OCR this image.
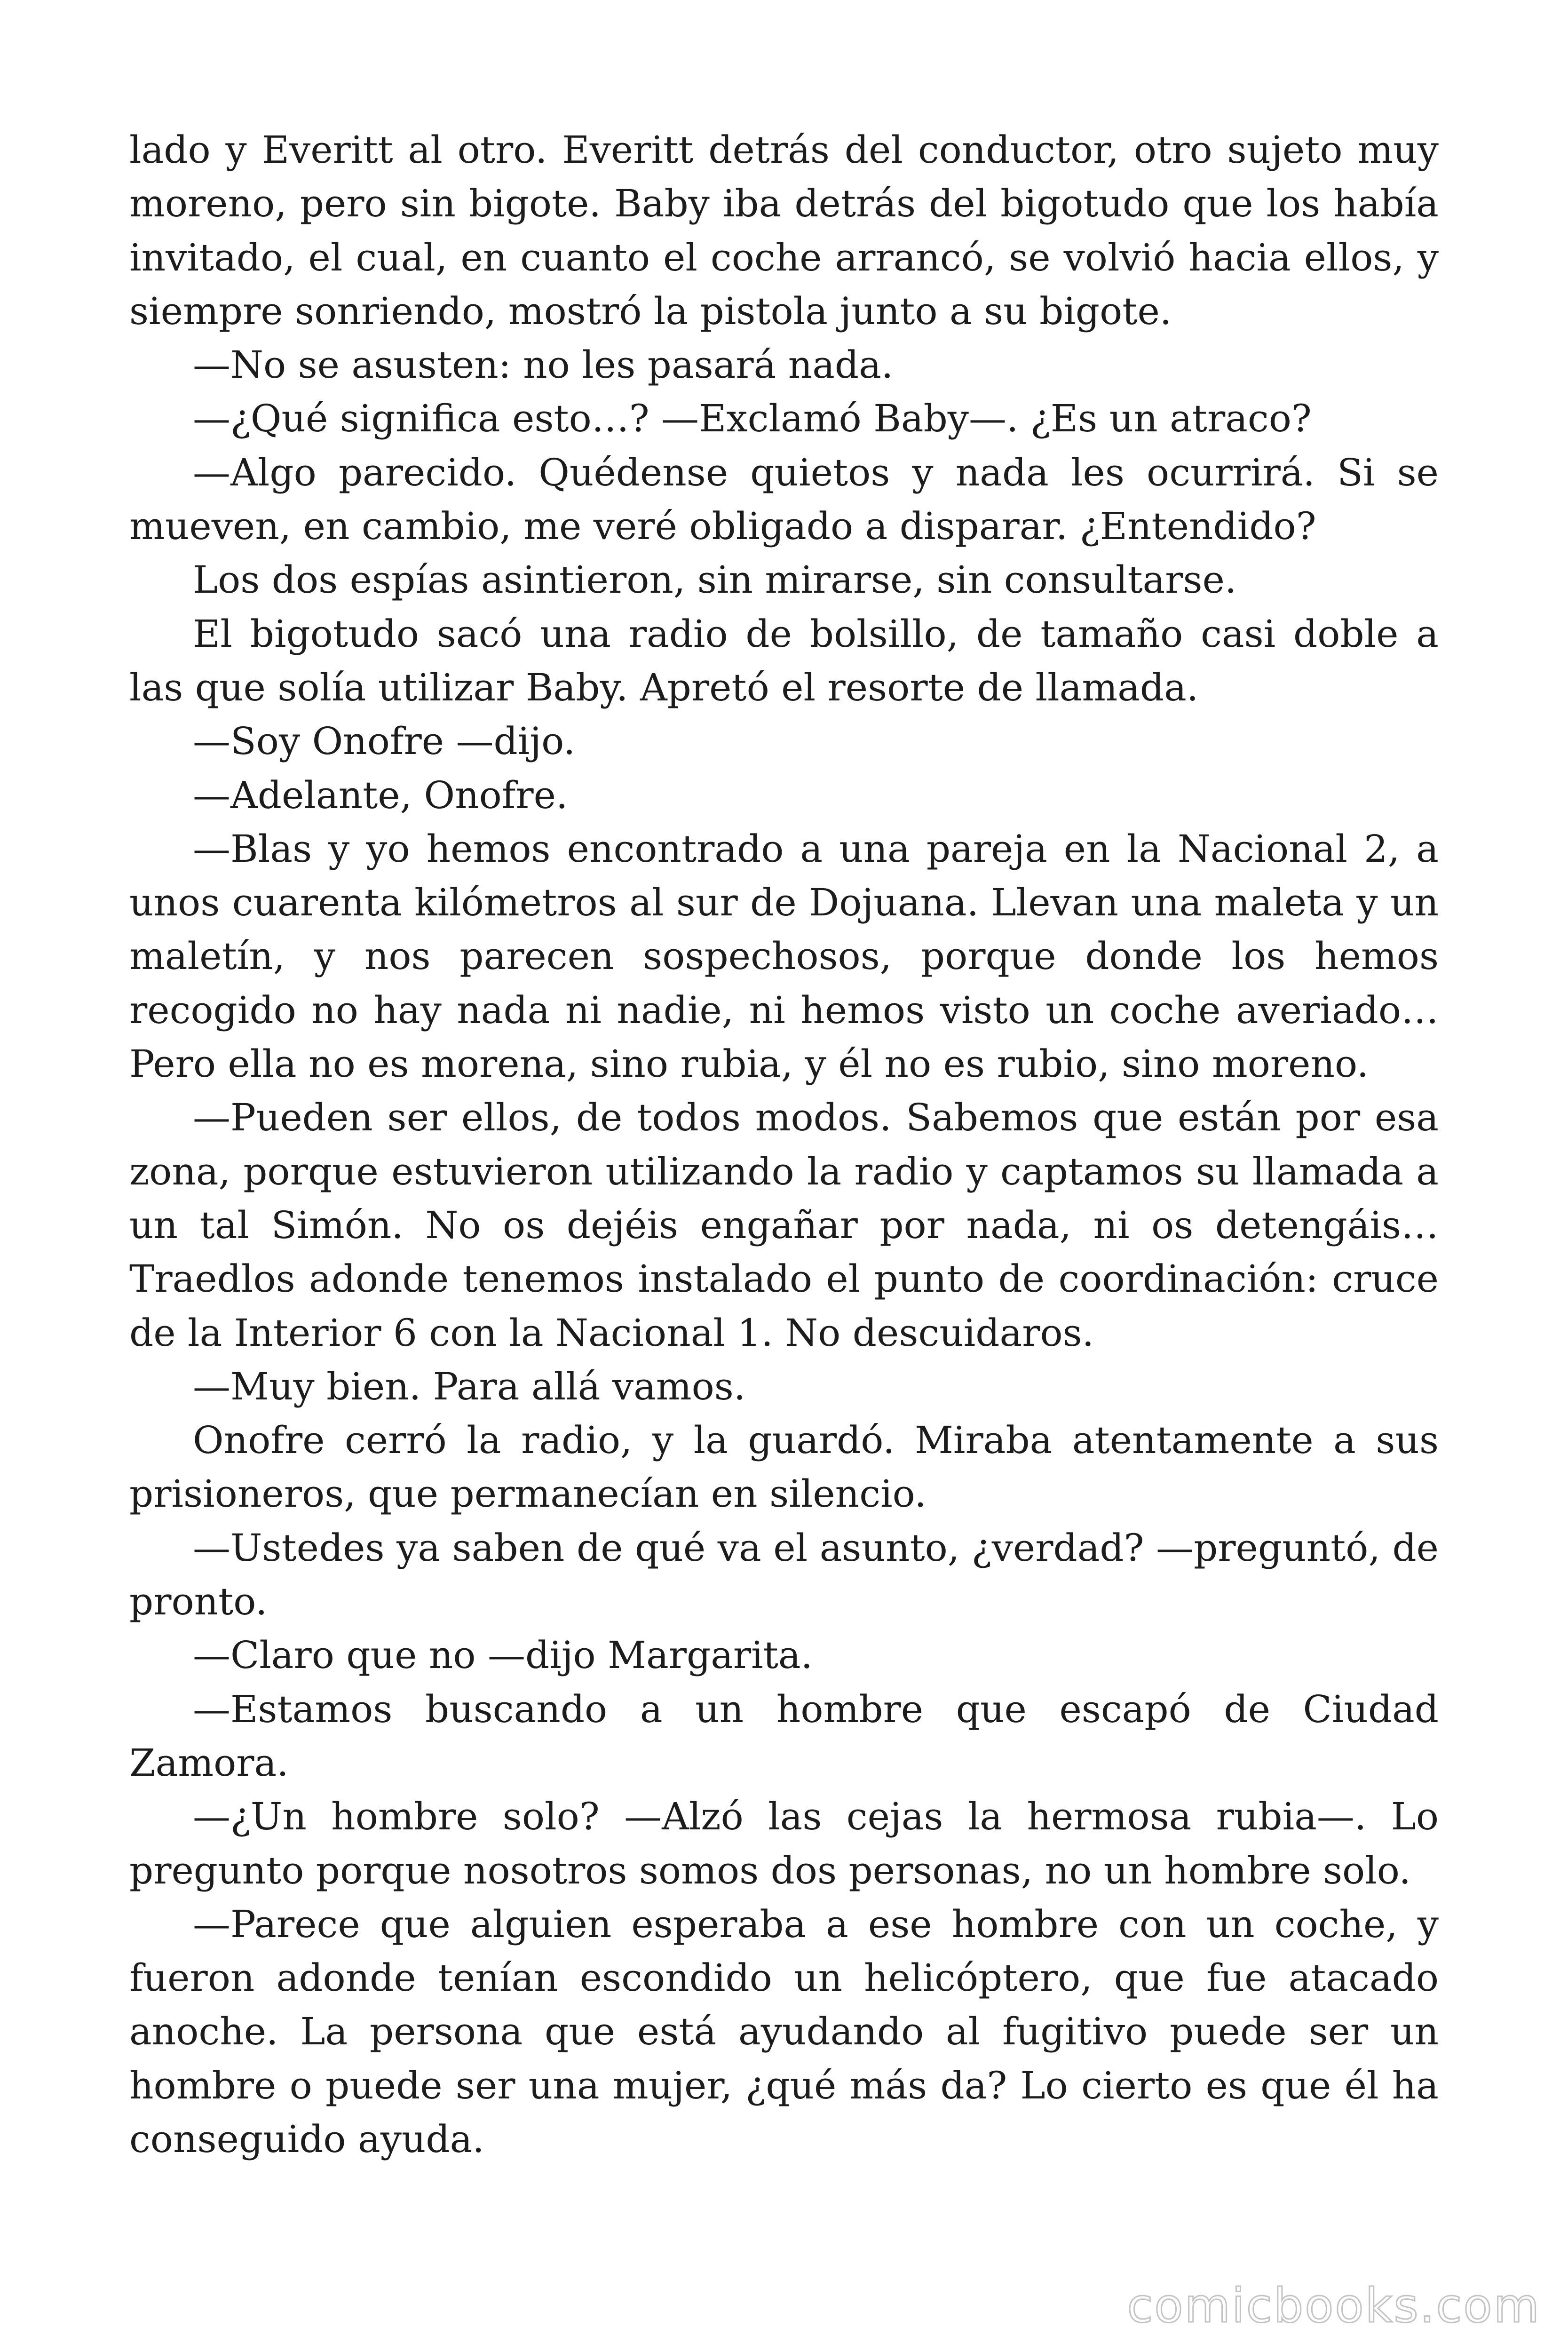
lado y Everitt al otro. Everitt detrás del conductor, otro sujeto muy moreno, pero sin bigote. Baby iba detrás del bigotudo que los había invitado, el cual, en cuanto el coche arrancó, se volvió hacia ellos, y siempre sonriendo, mostró la pistola junto a su bigote.

—No se asusten: no les pasará nada.

—¿Qué significa esto…? —Exclamó Baby—. ¿Es un atraco?

—Algo parecido. Quédense quietos y nada les ocurrirá. Si se mueven, en cambio, me veré obligado a disparar. ¿Entendido?

Los dos espías asintieron, sin mirarse, sin consultarse.

El bigotudo sacó una radio de bolsillo, de tamaño casi doble a las que solía utilizar Baby. Apretó el resorte de llamada.

—Soy Onofre —dijo.

—Adelante, Onofre.

—Blas y yo hemos encontrado a una pareja en la Nacional 2, a unos cuarenta kilómetros al sur de Dojuana. Llevan una maleta y un maletín, y nos parecen sospechosos, porque donde los hemos recogido no hay nada ni nadie, ni hemos visto un coche averiado… Pero ella no es morena, sino rubia, y él no es rubio, sino moreno.

—Pueden ser ellos, de todos modos. Sabemos que están por esa zona, porque estuvieron utilizando la radio y captamos su llamada a un tal Simón. No os dejéis engañar por nada, ni os detengáis… Traedlos adonde tenemos instalado el punto de coordinación: cruce de la Interior 6 con la Nacional 1. No descuidaros.

—Muy bien. Para allá vamos.

Onofre cerró la radio, y la guardó. Miraba atentamente a sus prisioneros, que permanecían en silencio.

—Ustedes ya saben de qué va el asunto, ¿verdad? —preguntó, de pronto.

—Claro que no —dijo Margarita.

—Estamos buscando a un hombre que escapó de Ciudad Zamora.

—¿Un hombre solo? —Alzó las cejas la hermosa rubia—. Lo pregunto porque nosotros somos dos personas, no un hombre solo.

—Parece que alguien esperaba a ese hombre con un coche, y fueron adonde tenían escondido un helicóptero, que fue atacado anoche. La persona que está ayudando al fugitivo puede ser un hombre o puede ser una mujer, ¿qué más da? Lo cierto es que él ha conseguido ayuda.

comicbooks.com
